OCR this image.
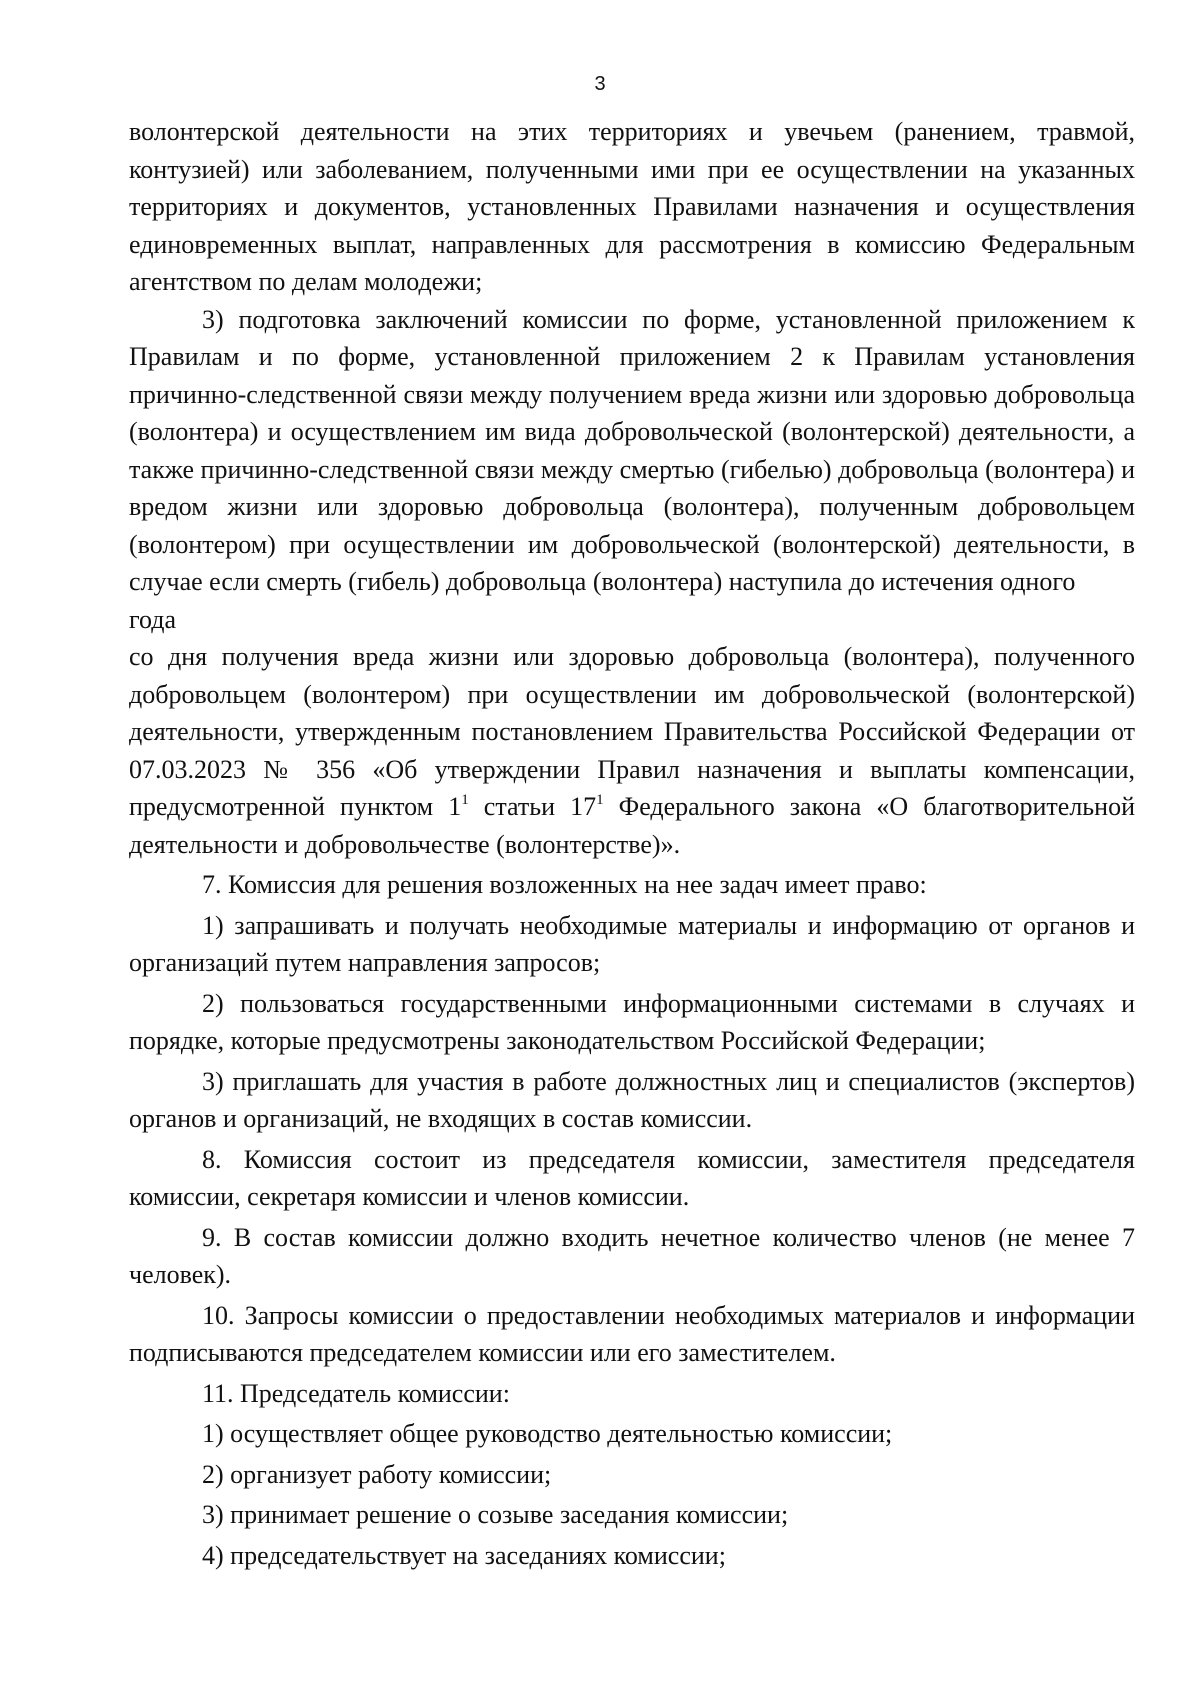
3

волонтерской деятельности на этих территориях и увечьем (ранением, травмой, контузией) или заболеванием, полученными ими при ее осуществлении на указанных территориях и документов, установленных Правилами назначения и осуществления единовременных выплат, направленных для рассмотрения в комиссию Федеральным агентством по делам молодежи;

3) подготовка заключений комиссии по форме, установленной приложением к Правилам и по форме, установленной приложением 2 к Правилам установления причинно-следственной связи между получением вреда жизни или здоровью добровольца (волонтера) и осуществлением им вида добровольческой (волонтерской) деятельности, а также причинно-следственной связи между смертью (гибелью) добровольца (волонтера) и вредом жизни или здоровью добровольца (волонтера), полученным добровольцем (волонтером) при осуществлении им добровольческой (волонтерской) деятельности, в случае если смерть (гибель) добровольца (волонтера) наступила до истечения одного

года

со дня получения вреда жизни или здоровью добровольца (волонтера), полученного добровольцем (волонтером) при осуществлении им добровольческой (волонтерской) деятельности, утвержденным постановлением Правительства Российской Федерации от 07.03.2023 № 356 «Об утверждении Правил назначения и выплаты компенсации, предусмотренной пунктом $1^1$ статьи $17^1$ Федерального закона «О благотворительной деятельности и добровольчестве (волонтерстве)».

7. Комиссия для решения возложенных на нее задач имеет право:

1) запрашивать и получать необходимые материалы и информацию от органов и организаций путем направления запросов;

2) пользоваться государственными информационными системами в случаях и порядке, которые предусмотрены законодательством Российской Федерации;

3) приглашать для участия в работе должностных лиц и специалистов (экспертов) органов и организаций, не входящих в состав комиссии.

8. Комиссия состоит из председателя комиссии, заместителя председателя комиссии, секретаря комиссии и членов комиссии.

9. В состав комиссии должно входить нечетное количество членов (не менее 7 человек).

10. Запросы комиссии о предоставлении необходимых материалов и информации подписываются председателем комиссии или его заместителем.

11. Председатель комиссии:

1) осуществляет общее руководство деятельностью комиссии;

2) организует работу комиссии;

3) принимает решение о созыве заседания комиссии;

4) председательствует на заседаниях комиссии;
